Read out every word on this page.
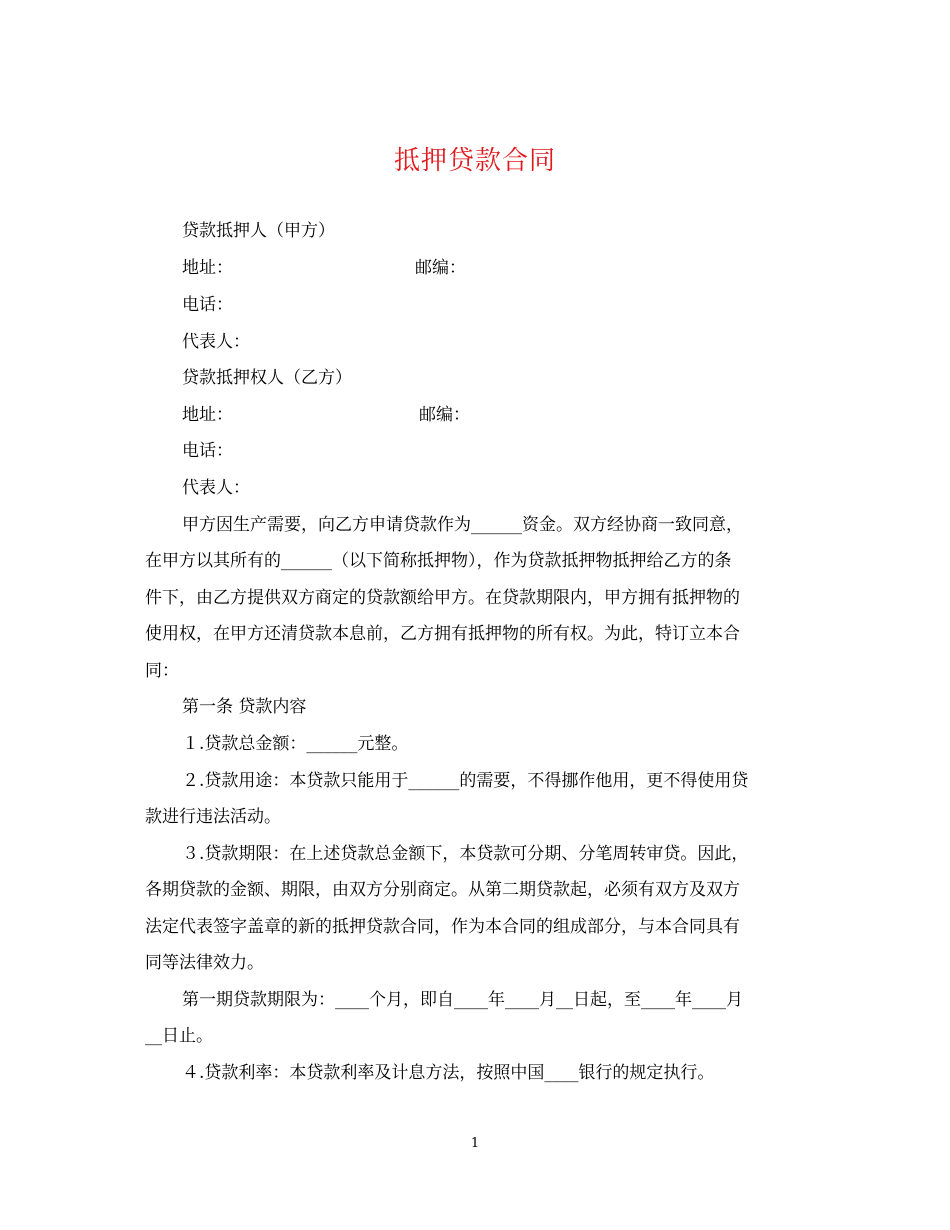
抵押贷款合同
贷款抵押人（甲方）
地址：	邮编：
电话：
代表人：
贷款抵押权人（乙方）
地址：	邮编：
电话：
代表人：
甲方因生产需要，向乙方申请贷款作为______资金。双方经协商一致同意，
在甲方以其所有的______（以下简称抵押物），作为贷款抵押物抵押给乙方的条
件下，由乙方提供双方商定的贷款额给甲方。在贷款期限内，甲方拥有抵押物的
使用权，在甲方还清贷款本息前，乙方拥有抵押物的所有权。为此，特订立本合
同：
第一条 贷款内容
１.贷款总金额：______元整。
２.贷款用途：本贷款只能用于______的需要，不得挪作他用，更不得使用贷
款进行违法活动。
３.贷款期限：在上述贷款总金额下，本贷款可分期、分笔周转审贷。因此，
各期贷款的金额、期限，由双方分别商定。从第二期贷款起，必须有双方及双方
法定代表签字盖章的新的抵押贷款合同，作为本合同的组成部分，与本合同具有
同等法律效力。
第一期贷款期限为：____个月，即自____年____月__日起，至____年____月
__日止。
４.贷款利率：本贷款利率及计息方法，按照中国____银行的规定执行。
1
